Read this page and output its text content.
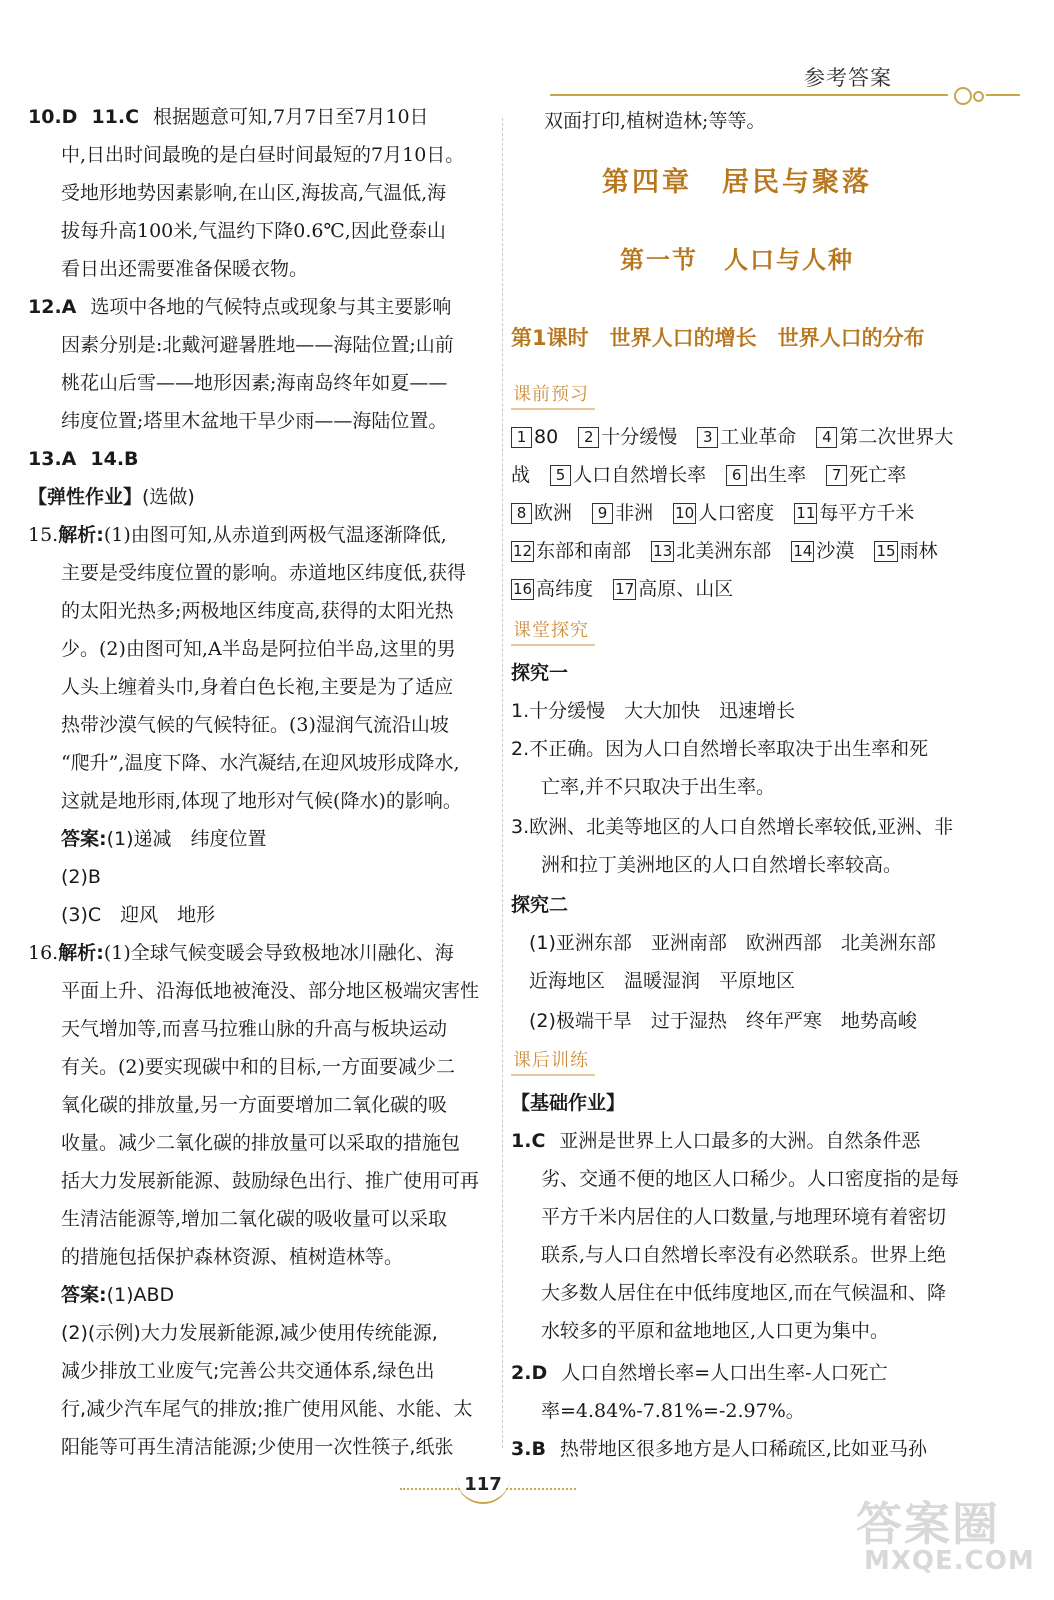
参考答案
10.D 11.C 根据题意可知,7月7日至7月10日
中,日出时间最晚的是白昼时间最短的7月10日。
受地形地势因素影响,在山区,海拔高,气温低,海
拔每升高100米,气温约下降0.6℃,因此登泰山
看日出还需要准备保暖衣物。
12.A 选项中各地的气候特点或现象与其主要影响
因素分别是:北戴河避暑胜地——海陆位置;山前
桃花山后雪——地形因素;海南岛终年如夏——
纬度位置;塔里木盆地干旱少雨——海陆位置。
13.A 14.B
【弹性作业】(选做)
15.解析:(1)由图可知,从赤道到两极气温逐渐降低,
主要是受纬度位置的影响。赤道地区纬度低,获得
的太阳光热多;两极地区纬度高,获得的太阳光热
少。(2)由图可知,A半岛是阿拉伯半岛,这里的男
人头上缠着头巾,身着白色长袍,主要是为了适应
热带沙漠气候的气候特征。(3)湿润气流沿山坡
“爬升”,温度下降、水汽凝结,在迎风坡形成降水,
这就是地形雨,体现了地形对气候(降水)的影响。
答案:(1)递减　纬度位置
(2)B
(3)C　迎风　地形
16.解析:(1)全球气候变暖会导致极地冰川融化、海
平面上升、沿海低地被淹没、部分地区极端灾害性
天气增加等,而喜马拉雅山脉的升高与板块运动
有关。(2)要实现碳中和的目标,一方面要减少二
氧化碳的排放量,另一方面要增加二氧化碳的吸
收量。减少二氧化碳的排放量可以采取的措施包
括大力发展新能源、鼓励绿色出行、推广使用可再
生清洁能源等,增加二氧化碳的吸收量可以采取
的措施包括保护森林资源、植树造林等。
答案:(1)ABD
(2)(示例)大力发展新能源,减少使用传统能源,
减少排放工业废气;完善公共交通体系,绿色出
行,减少汽车尾气的排放;推广使用风能、水能、太
阳能等可再生清洁能源;少使用一次性筷子,纸张
双面打印,植树造林;等等。
第四章　居民与聚落
第一节　人口与人种
第1课时　世界人口的增长　世界人口的分布
课前预习
1 80 2 十分缓慢 3 工业革命 4 第二次世界大
战 5 人口自然增长率 6 出生率 7 死亡率
8 欧洲 9 非洲 10 人口密度 11 每平方千米
12 东部和南部 13 北美洲东部 14 沙漠 15 雨林
16 高纬度 17 高原、山区
课堂探究
探究一
1.十分缓慢　大大加快　迅速增长
2.不正确。因为人口自然增长率取决于出生率和死
亡率,并不只取决于出生率。
3.欧洲、北美等地区的人口自然增长率较低,亚洲、非
洲和拉丁美洲地区的人口自然增长率较高。
探究二
(1)亚洲东部　亚洲南部　欧洲西部　北美洲东部
近海地区　温暖湿润　平原地区
(2)极端干旱　过于湿热　终年严寒　地势高峻
课后训练
【基础作业】
1.C 亚洲是世界上人口最多的大洲。自然条件恶
劣、交通不便的地区人口稀少。人口密度指的是每
平方千米内居住的人口数量,与地理环境有着密切
联系,与人口自然增长率没有必然联系。世界上绝
大多数人居住在中低纬度地区,而在气候温和、降
水较多的平原和盆地地区,人口更为集中。
2.D 人口自然增长率=人口出生率-人口死亡
率=4.84%-7.81%=-2.97%。
3.B 热带地区很多地方是人口稀疏区,比如亚马孙
117
答案圈
MXQE.COM
